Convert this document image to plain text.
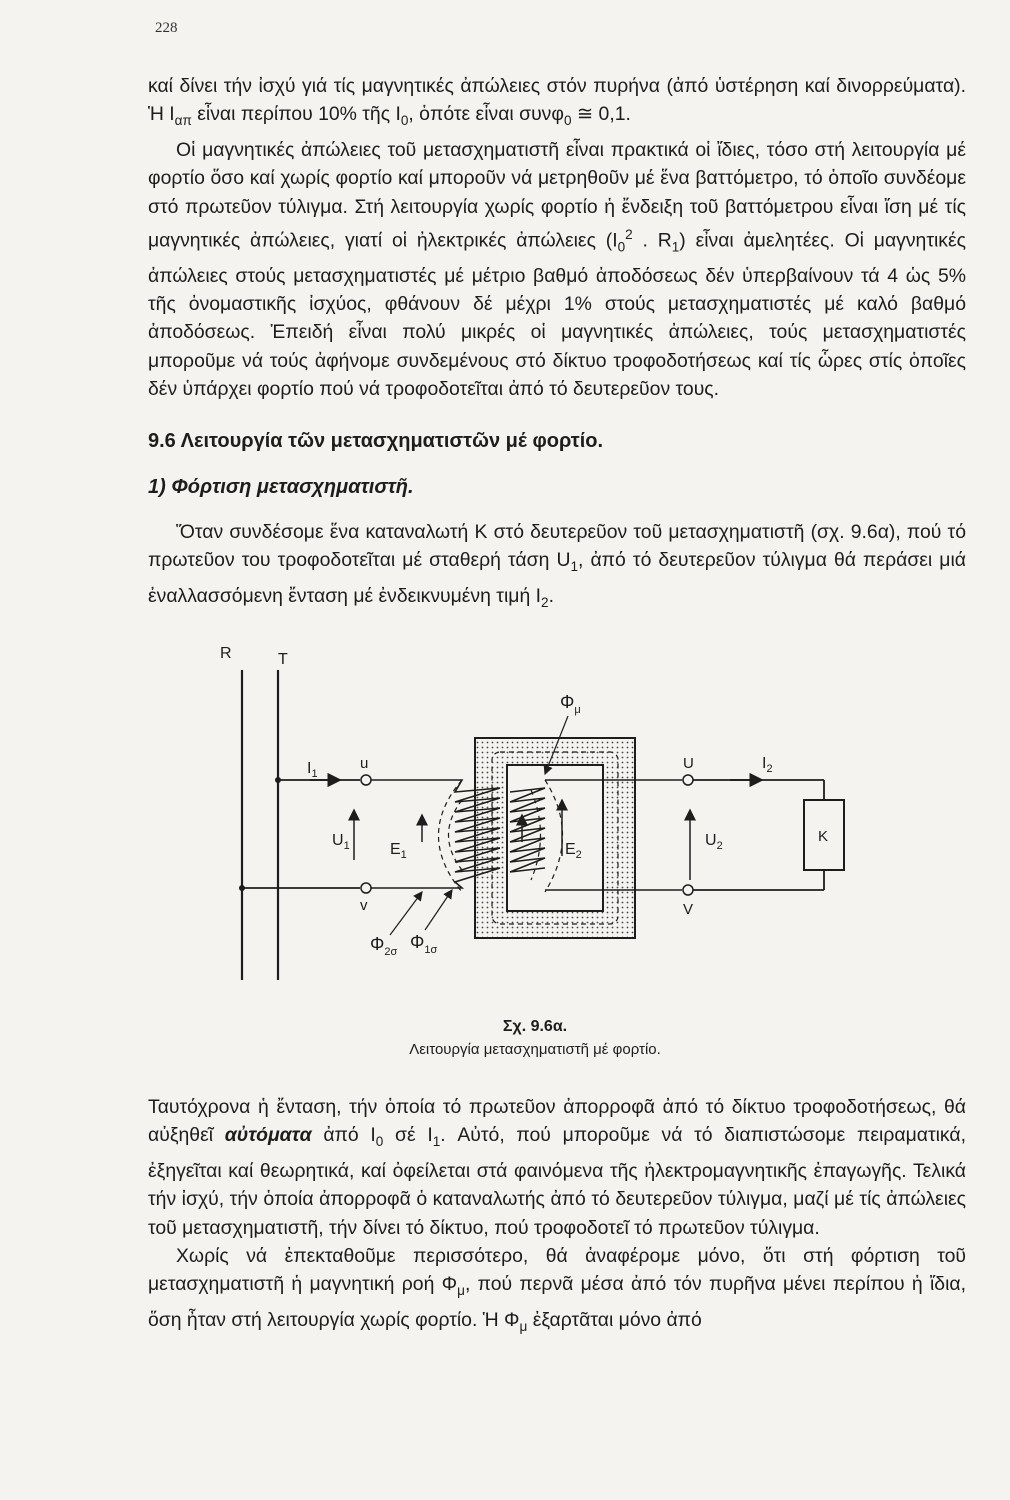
228

καί δίνει τήν ἰσχύ γιά τίς μαγνητικές ἀπώλειες στόν πυρήνα (ἀπό ὑστέρηση καί δινορρεύματα). Ἡ $I_{\alpha\pi}$ εἶναι περίπου 10% τῆς $I_0$, ὁπότε εἶναι συνφ$_0$ ≅ 0,1.

Οἱ μαγνητικές ἀπώλειες τοῦ μετασχηματιστῆ εἶναι πρακτικά οἱ ἴδιες, τόσο στή λειτουργία μέ φορτίο ὅσο καί χωρίς φορτίο καί μποροῦν νά μετρηθοῦν μέ ἕνα βαττόμετρο, τό ὁποῖο συνδέομε στό πρωτεῦον τύλιγμα. Στή λειτουργία χωρίς φορτίο ἡ ἔνδειξη τοῦ βαττόμετρου εἶναι ἴση μέ τίς μαγνητικές ἀπώλειες, γιατί οἱ ἠλεκτρικές ἀπώλειες ($I_0^2$ . $R_1$) εἶναι ἀμελητέες. Οἱ μαγνητικές ἀπώλειες στούς μετασχηματιστές μέ μέτριο βαθμό ἀποδόσεως δέν ὑπερβαίνουν τά 4 ὡς 5% τῆς ὀνομαστικῆς ἰσχύος, φθάνουν δέ μέχρι 1% στούς μετασχηματιστές μέ καλό βαθμό ἀποδόσεως. Ἐπειδή εἶναι πολύ μικρές οἱ μαγνητικές ἀπώλειες, τούς μετασχηματιστές μποροῦμε νά τούς ἀφήνομε συνδεμένους στό δίκτυο τροφοδοτήσεως καί τίς ὧρες στίς ὁποῖες δέν ὑπάρχει φορτίο πού νά τροφοδοτεῖται ἀπό τό δευτερεῦον τους.

9.6 Λειτουργία τῶν μετασχηματιστῶν μέ φορτίο.
1) Φόρτιση μετασχηματιστῆ.

Ὅταν συνδέσομε ἕνα καταναλωτή Κ στό δευτερεῦον τοῦ μετασχηματιστῆ (σχ. 9.6α), πού τό πρωτεῦον του τροφοδοτεῖται μέ σταθερή τάση $U_1$, ἀπό τό δευτερεῦον τύλιγμα θά περάσει μιά ἐναλλασσόμενη ἔνταση μέ ἐνδεικνυμένη τιμή $I_2$.

R	T
$I_1$
u
v
$U_1$	$E_1$	$E_2$
$\Phi_\mu$
$\Phi_{2\sigma}$ $\Phi_{1\sigma}$
U
V
$I_2$
$U_2$
K
Σχ. 9.6α.
Λειτουργία μετασχηματιστῆ μέ φορτίο.

Ταυτόχρονα ἡ ἔνταση, τήν ὁποία τό πρωτεῦον ἀπορροφᾶ ἀπό τό δίκτυο τροφοδοτήσεως, θά αὐξηθεῖ αὐτόματα ἀπό $I_0$ σέ $I_1$. Αὐτό, πού μποροῦμε νά τό διαπιστώσομε πειραματικά, ἐξηγεῖται καί θεωρητικά, καί ὀφείλεται στά φαινόμενα τῆς ἠλεκτρομαγνητικῆς ἐπαγωγῆς. Τελικά τήν ἰσχύ, τήν ὁποία ἀπορροφᾶ ὁ καταναλωτής ἀπό τό δευτερεῦον τύλιγμα, μαζί μέ τίς ἀπώλειες τοῦ μετασχηματιστῆ, τήν δίνει τό δίκτυο, πού τροφοδοτεῖ τό πρωτεῦον τύλιγμα.

Χωρίς νά ἐπεκταθοῦμε περισσότερο, θά ἀναφέρομε μόνο, ὅτι στή φόρτιση τοῦ μετασχηματιστῆ ἡ μαγνητική ροή $\Phi_\mu$, πού περνᾶ μέσα ἀπό τόν πυρῆνα μένει περίπου ἡ ἴδια, ὅση ἦταν στή λειτουργία χωρίς φορτίο. Ἡ $\Phi_\mu$ ἐξαρτᾶται μόνο ἀπό
